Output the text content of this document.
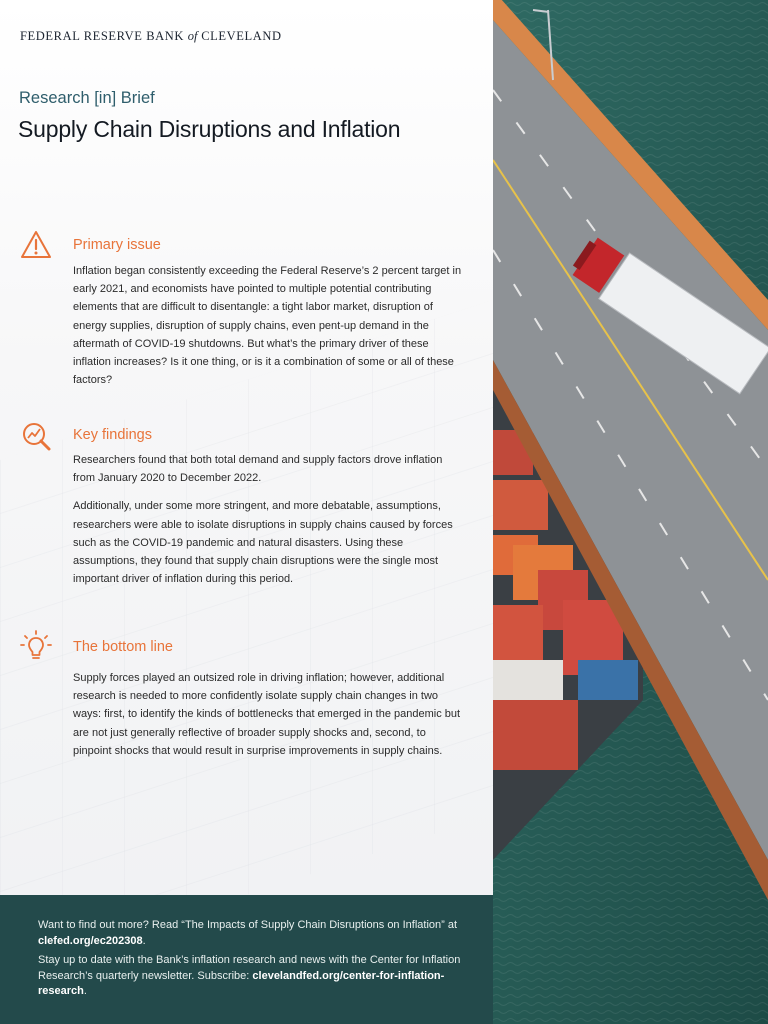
FEDERAL RESERVE BANK of CLEVELAND
Research [in] Brief
Supply Chain Disruptions and Inflation
Primary issue

Inflation began consistently exceeding the Federal Reserve’s 2 percent target in early 2021, and economists have pointed to multiple potential contributing elements that are difficult to disentangle: a tight labor market, disruption of energy supplies, disruption of supply chains, even pent-up demand in the aftermath of COVID-19 shutdowns. But what’s the primary driver of these inflation increases? Is it one thing, or is it a combination of some or all of these factors?

Key findings

Researchers found that both total demand and supply factors drove inflation from January 2020 to December 2022.

Additionally, under some more stringent, and more debatable, assumptions, researchers were able to isolate disruptions in supply chains caused by forces such as the COVID-19 pandemic and natural disasters. Using these assumptions, they found that supply chain disruptions were the single most important driver of inflation during this period.

The bottom line

Supply forces played an outsized role in driving inflation; however, additional research is needed to more confidently isolate supply chain changes in two ways: first, to identify the kinds of bottlenecks that emerged in the pandemic but are not just generally reflective of broader supply shocks and, second, to pinpoint shocks that would result in surprise improvements in supply chains.

Want to find out more? Read “The Impacts of Supply Chain Disruptions on Inflation” at clefed.org/ec202308.

Stay up to date with the Bank’s inflation research and news with the Center for Inflation Research’s quarterly newsletter. Subscribe: clevelandfed.org/center-for-inflation-research.
